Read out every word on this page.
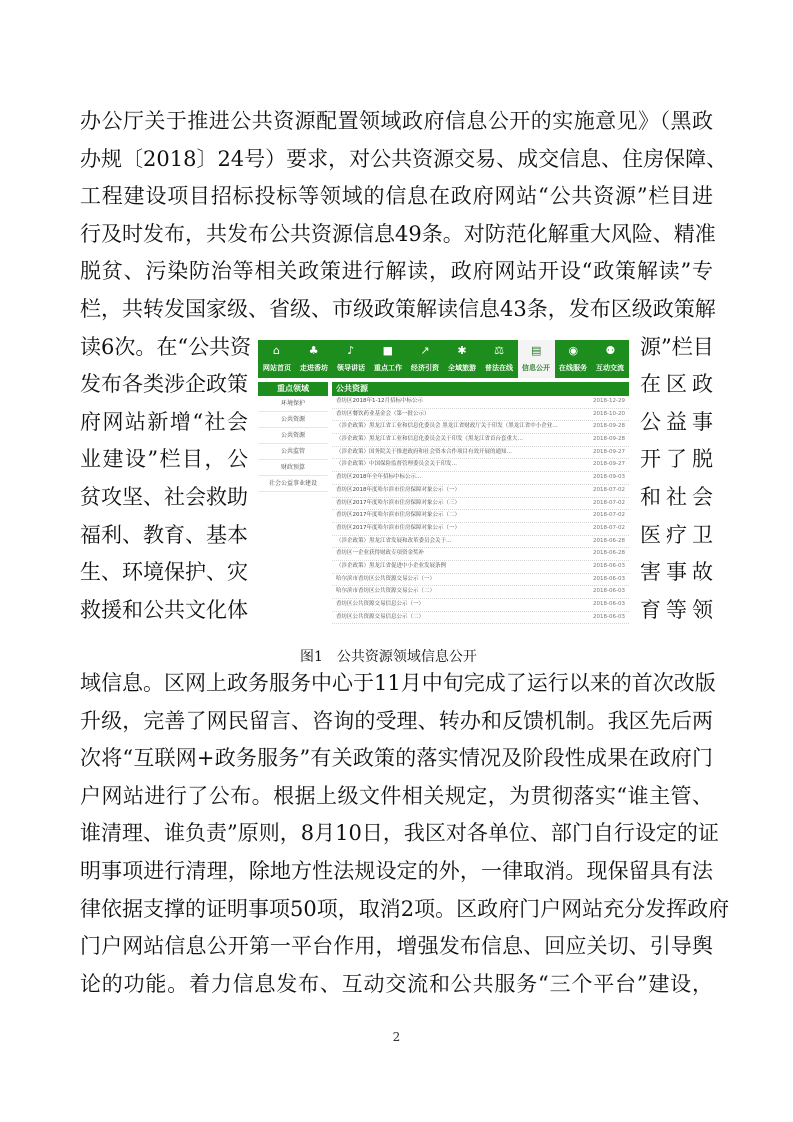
办公厅关于推进公共资源配置领域政府信息公开的实施意见》（黑政
办规〔2018〕24号）要求，对公共资源交易、成交信息、住房保障、
工程建设项目招标投标等领域的信息在政府网站“公共资源”栏目进
行及时发布，共发布公共资源信息49条。对防范化解重大风险、精准
脱贫、污染防治等相关政策进行解读，政府网站开设“政策解读”专
栏，共转发国家级、省级、市级政策解读信息43条，发布区级政策解
读6次。在“公共资
发布各类涉企政策
府网站新增“社会
业建设”栏目，公
贫攻坚、社会救助
福利、教育、基本
生、环境保护、灾
救援和公共文化体
源”栏目
在区政
公益事
开了脱
和社会
医疗卫
害事故
育等领
⌂
网站首页
♣
走进香坊
♪
领导讲话
■
重点工作
↗
经济引资
✱
全域旅游
⚖
普法在线
▤
信息公开
◉
在线服务
⚉
互动交流
重点领域
环境保护
公共资源
公共资源
公共监管
财政预算
社会公益事业建设
公共资源
香坊区2018年1-12月招标中标公示	2018-12-29
香坊区餐饮药业基金会（第一批公示）	2018-10-20
（涉企政策）黑龙江省工业和信息化委员会 黑龙江省财政厅关于印发（黑龙江省中小企业…	2018-09-28
（涉企政策）黑龙江省工业和信息化委员会关于印发《黑龙江省首台套重大…	2018-09-28
（涉企政策）国务院关于推进政府和社会资本合作项目有效开展的通知…	2018-09-27
（涉企政策）中国保险监督管理委员会关于印发…	2018-09-27
香坊区2018年全年招标中标公示…	2018-09-03
香坊区2018年度哈尔滨市住房保障对象公示（一）	2018-07-02
香坊区2017年度哈尔滨市住房保障对象公示（三）	2018-07-02
香坊区2017年度哈尔滨市住房保障对象公示（二）	2018-07-02
香坊区2017年度哈尔滨市住房保障对象公示（一）	2018-07-02
（涉企政策）黑龙江省发展和改革委员会关于…	2018-06-28
香坊区一企业获得财政专项资金奖补	2018-06-28
（涉企政策）黑龙江省促进中小企业发展条例	2018-06-03
哈尔滨市香坊区公共资源交易公示（一）	2018-06-03
哈尔滨市香坊区公共资源交易公示（二）	2018-06-03
香坊区公共资源交易信息公示（一）	2018-06-03
香坊区公共资源交易信息公示（二）	2018-06-03
图1　公共资源领域信息公开
域信息。区网上政务服务中心于11月中旬完成了运行以来的首次改版
升级，完善了网民留言、咨询的受理、转办和反馈机制。我区先后两
次将“互联网+政务服务”有关政策的落实情况及阶段性成果在政府门
户网站进行了公布。根据上级文件相关规定，为贯彻落实“谁主管、
谁清理、谁负责”原则，8月10日，我区对各单位、部门自行设定的证
明事项进行清理，除地方性法规设定的外，一律取消。现保留具有法
律依据支撑的证明事项50项，取消2项。区政府门户网站充分发挥政府
门户网站信息公开第一平台作用，增强发布信息、回应关切、引导舆
论的功能。着力信息发布、互动交流和公共服务“三个平台”建设，
2
